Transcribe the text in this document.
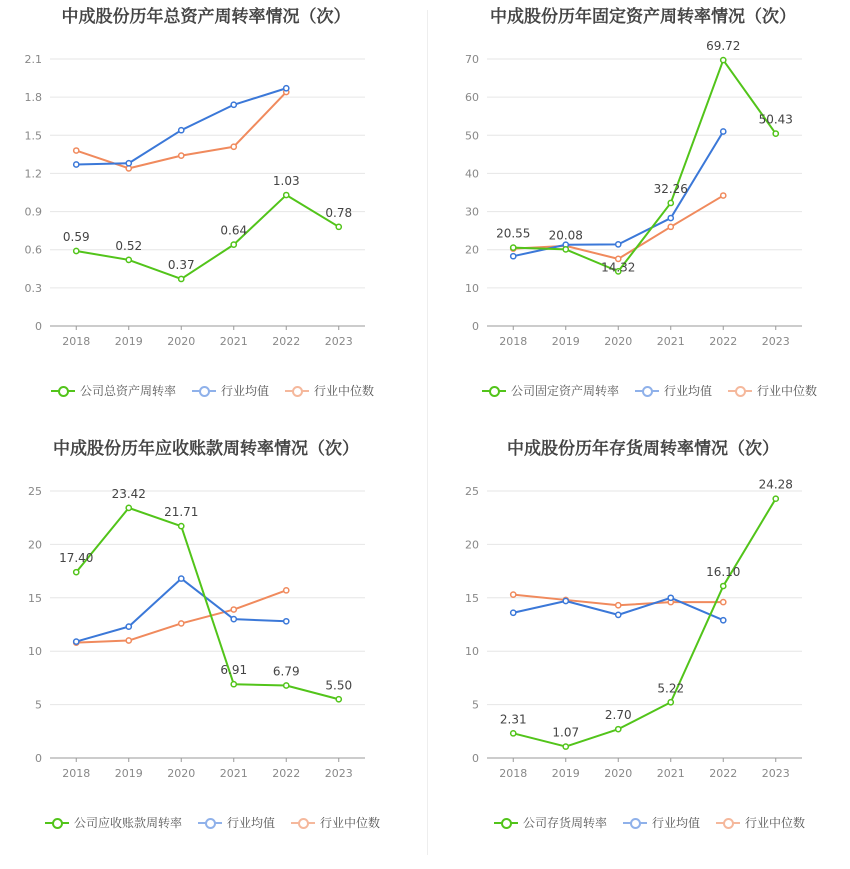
中成股份历年总资产周转率情况（次）
0
0.3
0.6
0.9
1.2
1.5
1.8
2.1
2018 2019 2020 2021 2022 2023
0.59
0.52
0.37
0.64
1.03
0.78
公司总资产周转率	行业均值	行业中位数
中成股份历年固定资产周转率情况（次）
0
10
20
30
40
50
60
70
2018 2019 2020 2021 2022 2023
20.55 20.08
14.32
32.26
69.72
50.43
公司固定资产周转率	行业均值	行业中位数
中成股份历年应收账款周转率情况（次）
0
5
10
15
20
25
2018 2019 2020 2021 2022 2023
17.40
23.42
21.71
6.91 6.79
5.50
公司应收账款周转率	行业均值	行业中位数
中成股份历年存货周转率情况（次）
0
5
10
15
20
25
2018 2019 2020 2021 2022 2023
2.31
1.07
2.70
5.22
16.10
24.28
公司存货周转率	行业均值	行业中位数
